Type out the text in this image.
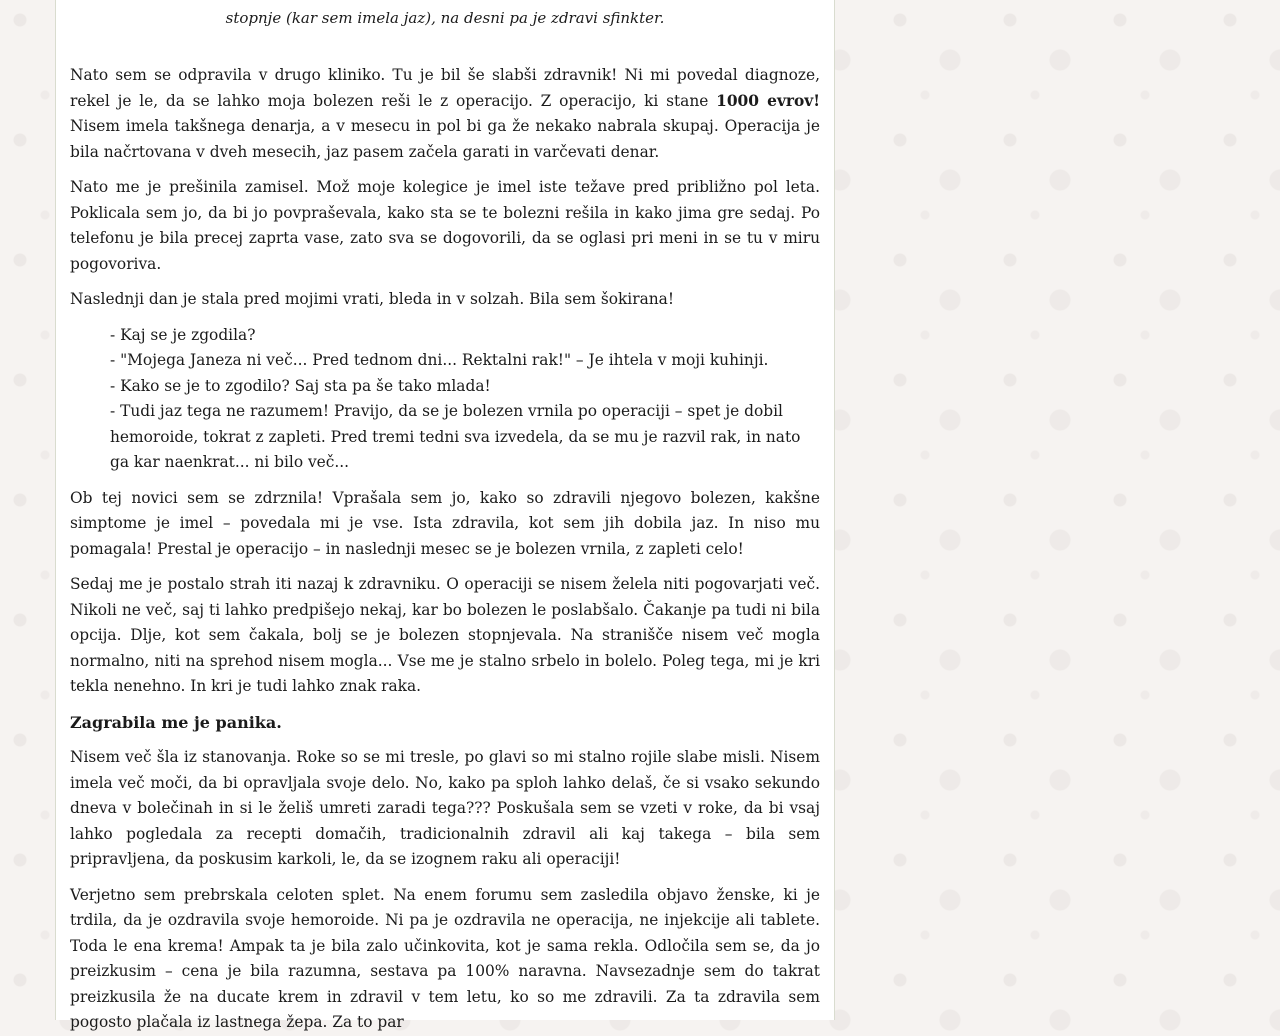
stopnje (kar sem imela jaz), na desni pa je zdravi sfinkter.

Nato sem se odpravila v drugo kliniko. Tu je bil še slabši zdravnik! Ni mi povedal diagnoze, rekel je le, da se lahko moja bolezen reši le z operacijo. Z operacijo, ki stane 1000 evrov! Nisem imela takšnega denarja, a v mesecu in pol bi ga že nekako nabrala skupaj. Operacija je bila načrtovana v dveh mesecih, jaz pasem začela garati in varčevati denar.

Nato me je prešinila zamisel. Mož moje kolegice je imel iste težave pred približno pol leta. Poklicala sem jo, da bi jo povpraševala, kako sta se te bolezni rešila in kako jima gre sedaj. Po telefonu je bila precej zaprta vase, zato sva se dogovorili, da se oglasi pri meni in se tu v miru pogovoriva.

Naslednji dan je stala pred mojimi vrati, bleda in v solzah. Bila sem šokirana!

- Kaj se je zgodila?
- "Mojega Janeza ni več... Pred tednom dni... Rektalni rak!" – Je ihtela v moji kuhinji.
- Kako se je to zgodilo? Saj sta pa še tako mlada!
- Tudi jaz tega ne razumem! Pravijo, da se je bolezen vrnila po operaciji – spet je dobil hemoroide, tokrat z zapleti. Pred tremi tedni sva izvedela, da se mu je razvil rak, in nato ga kar naenkrat... ni bilo več...

Ob tej novici sem se zdrznila! Vprašala sem jo, kako so zdravili njegovo bolezen, kakšne simptome je imel – povedala mi je vse. Ista zdravila, kot sem jih dobila jaz. In niso mu pomagala! Prestal je operacijo – in naslednji mesec se je bolezen vrnila, z zapleti celo!

Sedaj me je postalo strah iti nazaj k zdravniku. O operaciji se nisem želela niti pogovarjati več. Nikoli ne več, saj ti lahko predpišejo nekaj, kar bo bolezen le poslabšalo. Čakanje pa tudi ni bila opcija. Dlje, kot sem čakala, bolj se je bolezen stopnjevala. Na stranišče nisem več mogla normalno, niti na sprehod nisem mogla... Vse me je stalno srbelo in bolelo. Poleg tega, mi je kri tekla nenehno. In kri je tudi lahko znak raka.

Zagrabila me je panika.

Nisem več šla iz stanovanja. Roke so se mi tresle, po glavi so mi stalno rojile slabe misli. Nisem imela več moči, da bi opravljala svoje delo. No, kako pa sploh lahko delaš, če si vsako sekundo dneva v bolečinah in si le želiš umreti zaradi tega??? Poskušala sem se vzeti v roke, da bi vsaj lahko pogledala za recepti domačih, tradicionalnih zdravil ali kaj takega – bila sem pripravljena, da poskusim karkoli, le, da se izognem raku ali operaciji!

Verjetno sem prebrskala celoten splet. Na enem forumu sem zasledila objavo ženske, ki je trdila, da je ozdravila svoje hemoroide. Ni pa je ozdravila ne operacija, ne injekcije ali tablete. Toda le ena krema! Ampak ta je bila zalo učinkovita, kot je sama rekla. Odločila sem se, da jo preizkusim – cena je bila razumna, sestava pa 100% naravna. Navsezadnje sem do takrat preizkusila že na ducate krem in zdravil v tem letu, ko so me zdravili. Za ta zdravila sem pogosto plačala iz lastnega žepa. Za to par
